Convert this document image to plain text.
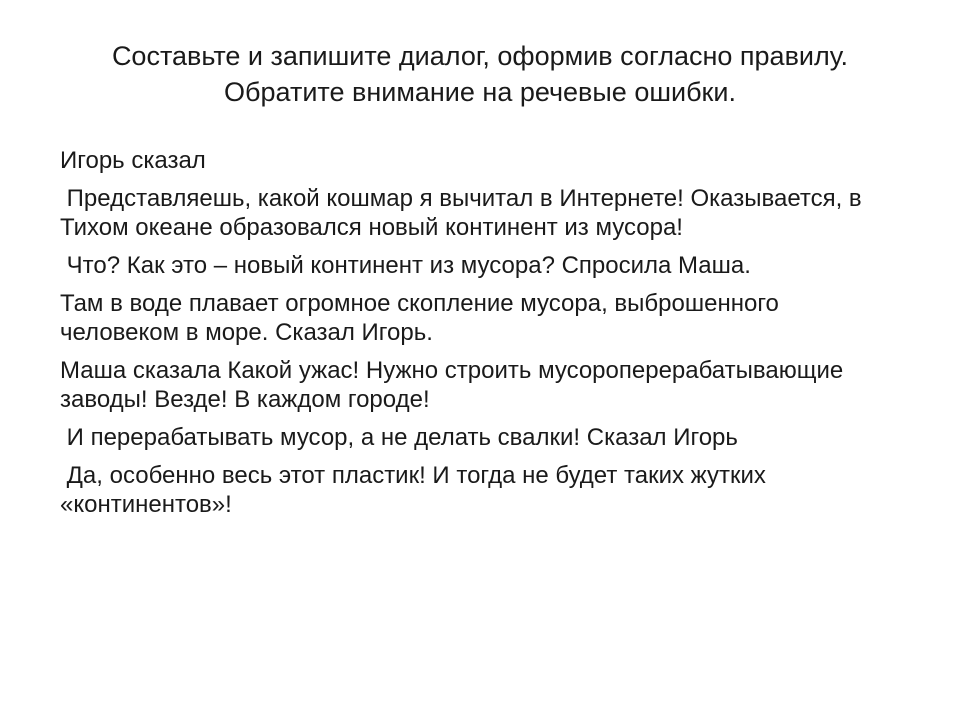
Составьте и запишите диалог, оформив согласно правилу.
Обратите внимание на речевые ошибки.

Игорь сказал

Представляешь, какой кошмар я вычитал в Интернете! Оказывается, в Тихом океане образовался новый континент из мусора!

Что? Как это – новый континент из мусора? Спросила Маша.

Там в воде плавает огромное скопление мусора, выброшенного человеком в море. Сказал Игорь.

Маша сказала Какой ужас! Нужно строить мусороперерабатывающие заводы! Везде! В каждом городе!

И перерабатывать мусор, а не делать свалки! Сказал Игорь

Да, особенно весь этот пластик! И тогда не будет таких жутких «континентов»!
